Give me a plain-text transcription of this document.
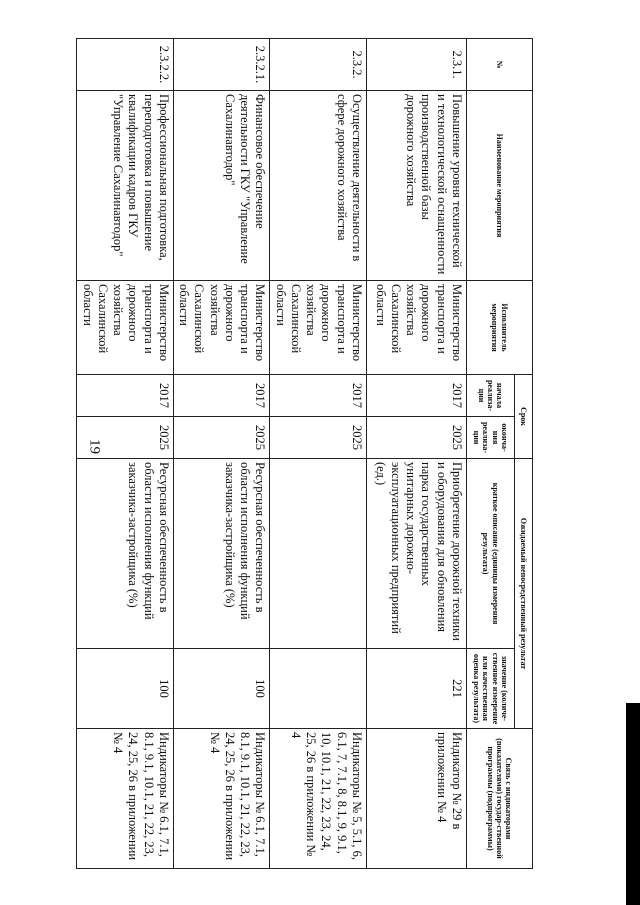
19
№	Наименование мероприятия	Исполнитель мероприятия	Срок		Ожидаемый непосредственный результат		Связь с индикаторами (показателями) государ-ственной программы (подпрограммы)
			начала реализа-ции	оконча-ния реализа-ции	краткое описание (единицы измерения результата)	значение (количе-ственное измерение или качественная оценка результата)	
2.3.1.	Повышение уровня технической и технологической оснащенности производственной базы дорожного хозяйства	Министерство транспорта и дорожного хозяйства Сахалинской области	2017	2025	Приобретение дорожной техники и оборудования для обновления парка государственных унитарных дорожно-эксплуатационных предприятий (ед.)	221	Индикатор № 29 в приложении № 4
2.3.2.	Осуществление деятельности в сфере дорожного хозяйства	Министерство транспорта и дорожного хозяйства Сахалинской области	2017	2025			Индикаторы № 5, 5.1, 6, 6.1, 7, 7.1, 8, 8.1, 9, 9.1, 10, 10.1, 21, 22, 23, 24, 25, 26 в приложении № 4
2.3.2.1.	Финансовое обеспечение деятельности ГКУ "Управление Сахалинавтодор"	Министерство транспорта и дорожного хозяйства Сахалинской области	2017	2025	Ресурсная обеспеченность в области исполнения функций заказчика-застройщика (%)	100	Индикаторы № 6.1, 7.1, 8.1, 9.1, 10.1, 21, 22, 23, 24, 25, 26 в приложении № 4
2.3.2.2.	Профессиональная подготовка, переподготовка и повышение квалификации кадров ГКУ "Управление Сахалинавтодор"	Министерство транспорта и дорожного хозяйства Сахалинской области	2017	2025	Ресурсная обеспеченность в области исполнения функций заказчика-застройщика (%)	100	Индикаторы № 6.1, 7.1, 8.1, 9.1, 10.1, 21, 22, 23, 24, 25, 26 в приложении № 4
